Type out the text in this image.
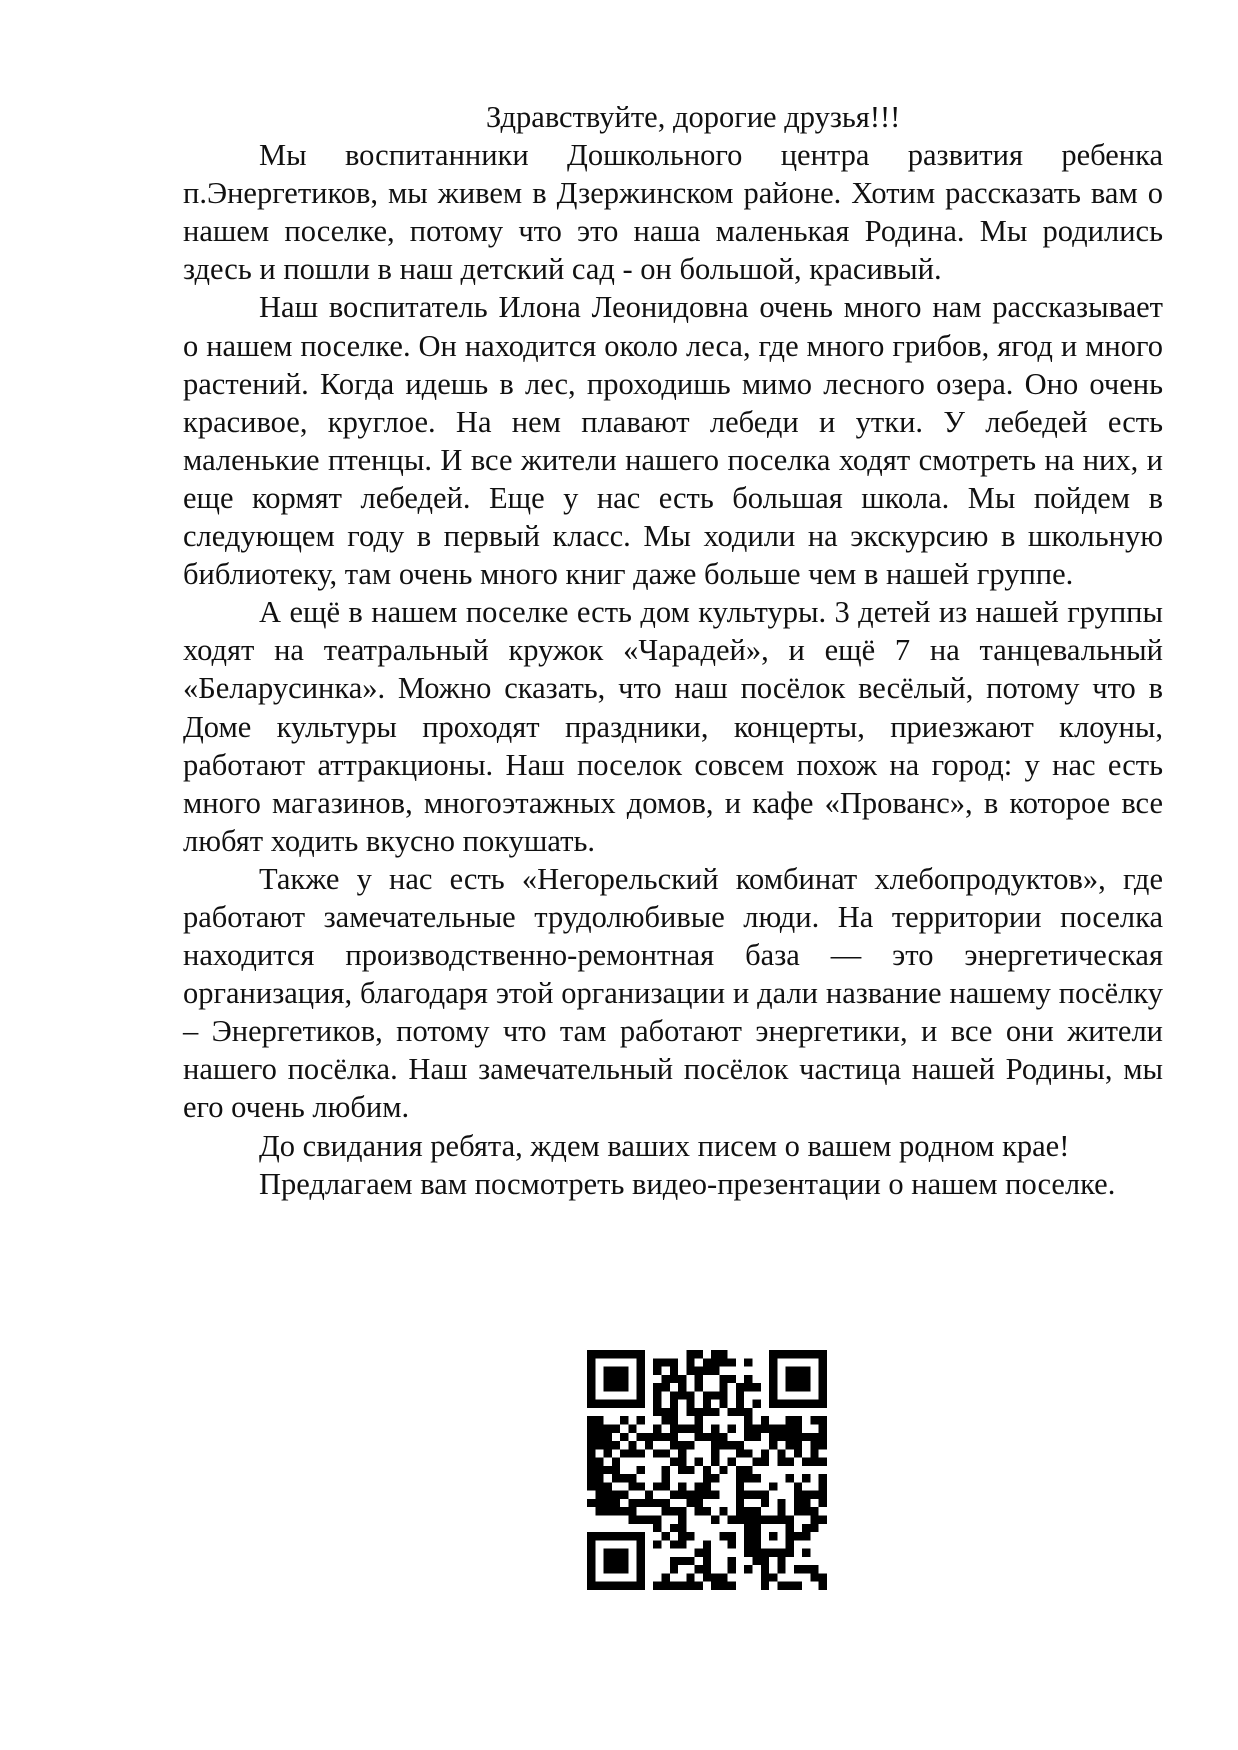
Здравствуйте, дорогие друзья!!!

Мы воспитанники Дошкольного центра развития ребенка п.Энергетиков, мы живем в Дзержинском районе. Хотим рассказать вам о нашем поселке, потому что это наша маленькая Родина. Мы родились здесь и пошли в наш детский сад - он большой, красивый.

Наш воспитатель Илона Леонидовна очень много нам рассказывает о нашем поселке. Он находится около леса, где много грибов, ягод и много растений. Когда идешь в лес, проходишь мимо лесного озера. Оно очень красивое, круглое. На нем плавают лебеди и утки. У лебедей есть маленькие птенцы. И все жители нашего поселка ходят смотреть на них, и еще кормят лебедей. Еще у нас есть большая школа. Мы пойдем в следующем году в первый класс. Мы ходили на экскурсию в школьную библиотеку, там очень много книг даже больше чем в нашей группе.

А ещё в нашем поселке есть дом культуры. 3 детей из нашей группы ходят на театральный кружок «Чарадей», и ещё 7 на танцевальный «Беларусинка». Можно сказать, что наш посёлок весёлый, потому что в Доме культуры проходят праздники, концерты, приезжают клоуны, работают аттракционы. Наш поселок совсем похож на город: у нас есть много магазинов, многоэтажных домов, и кафе «Прованс», в которое все любят ходить вкусно покушать.

Также у нас есть «Негорельский комбинат хлебопродуктов», где работают замечательные трудолюбивые люди. На территории поселка находится производственно-ремонтная база — это энергетическая организация, благодаря этой организации и дали название нашему посёлку – Энергетиков, потому что там работают энергетики, и все они жители нашего посёлка. Наш замечательный посёлок частица нашей Родины, мы его очень любим.

До свидания ребята, ждем ваших писем о вашем родном крае!

Предлагаем вам посмотреть видео-презентации о нашем поселке.
